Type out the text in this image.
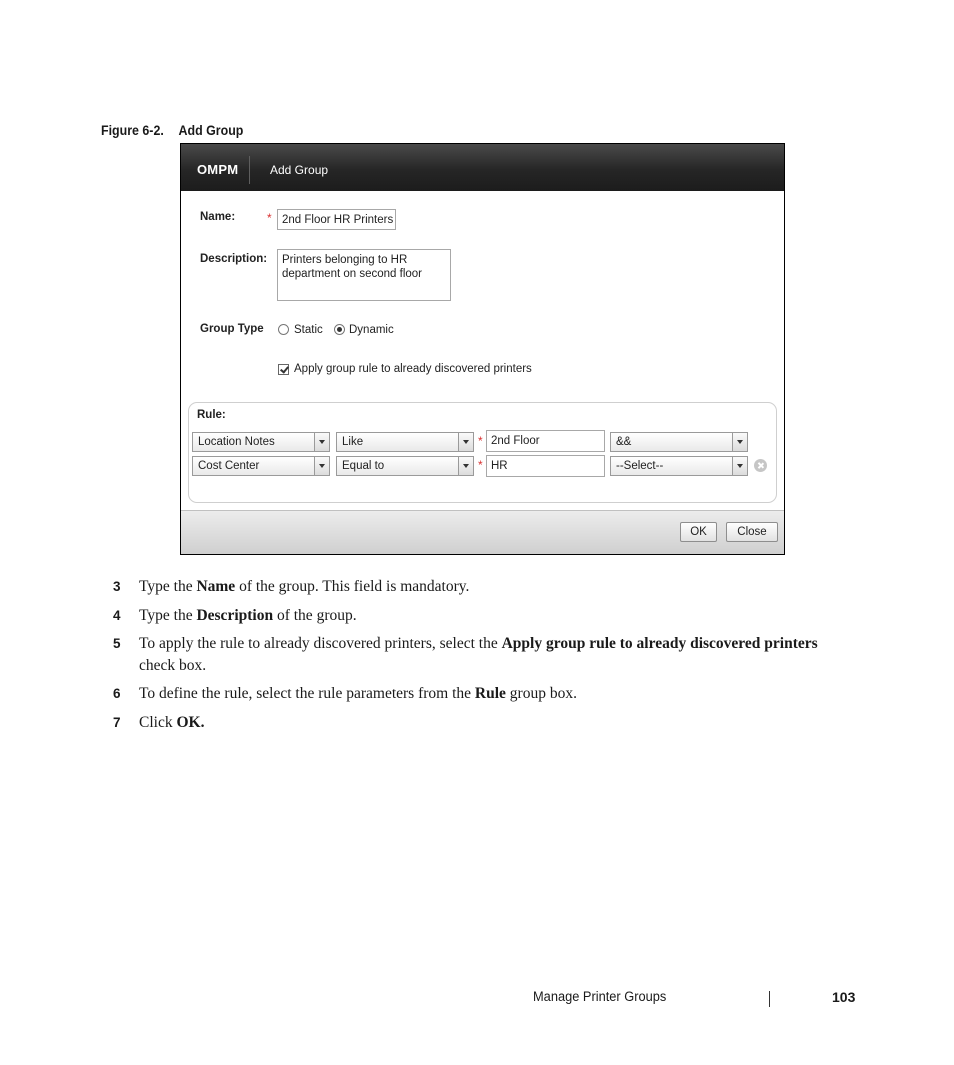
Figure 6-2. Add Group
OMPM	Add Group
Name:	* 2nd Floor HR Printers
Description:	Printers belonging to HR department on second floor
Group Type	Static Dynamic
Apply group rule to already discovered printers
Rule:
Location Notes	Like	* 2nd Floor	&&
Cost Center	Equal to	* HR	--Select--
OK	Close
3	Type the Name of the group. This field is mandatory.
4	Type the Description of the group.
5	To apply the rule to already discovered printers, select the Apply group rule to already discovered printers check box.
6	To define the rule, select the rule parameters from the Rule group box.
7	Click OK.
Manage Printer Groups	103
